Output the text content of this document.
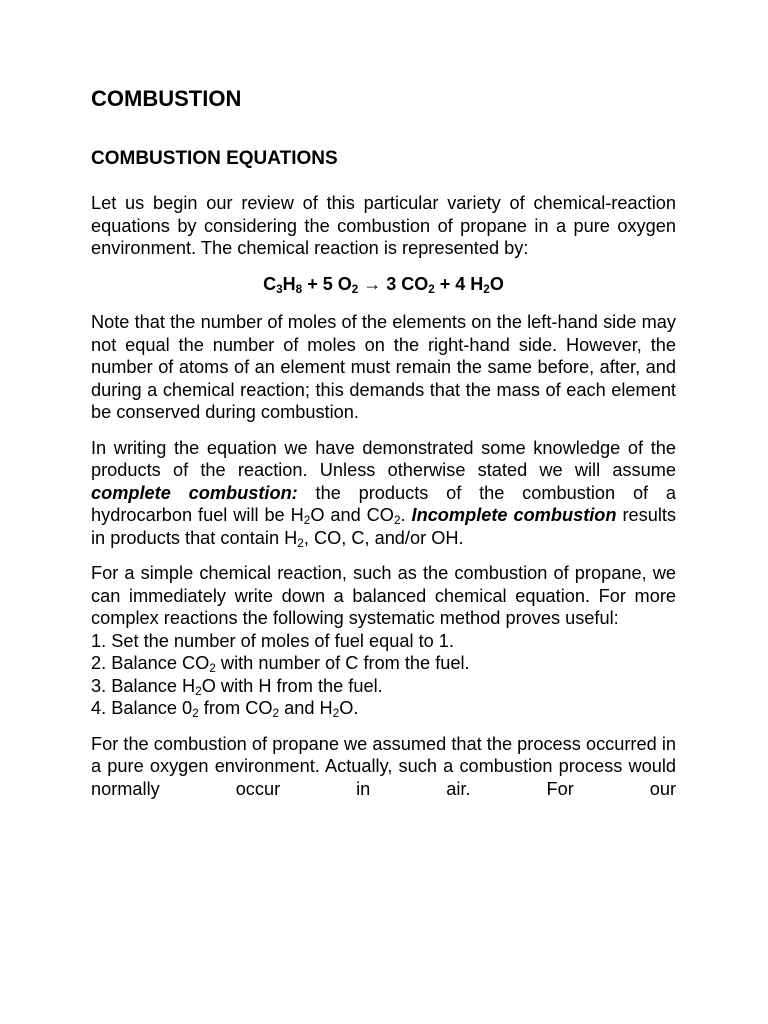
COMBUSTION
COMBUSTION EQUATIONS

Let us begin our review of this particular variety of chemical-reaction equations by considering the combustion of propane in a pure oxygen environment. The chemical reaction is represented by:

$C_3H_8 + 5$ $O_2 \to 3$ $CO_2 + 4$ $H_2O$

Note that the number of moles of the elements on the left-hand side may not equal the number of moles on the right-hand side. However, the number of atoms of an element must remain the same before, after, and during a chemical reaction; this demands that the mass of each element be conserved during combustion.

In writing the equation we have demonstrated some knowledge of the products of the reaction. Unless otherwise stated we will assume complete combustion: the products of the combustion of a hydrocarbon fuel will be $H_2O$ and $CO_2$. Incomplete combustion results in products that contain $H_2$, CO, C, and/or OH.

For a simple chemical reaction, such as the combustion of propane, we can immediately write down a balanced chemical equation. For more complex reactions the following systematic method proves useful:

1. Set the number of moles of fuel equal to 1.
2. Balance $CO_2$ with number of C from the fuel.
3. Balance $H_2O$ with H from the fuel.
4. Balance $0_2$ from $CO_2$ and $H_2O$.

For the combustion of propane we assumed that the process occurred in a pure oxygen environment. Actually, such a combustion process would normally occur in air. For our
